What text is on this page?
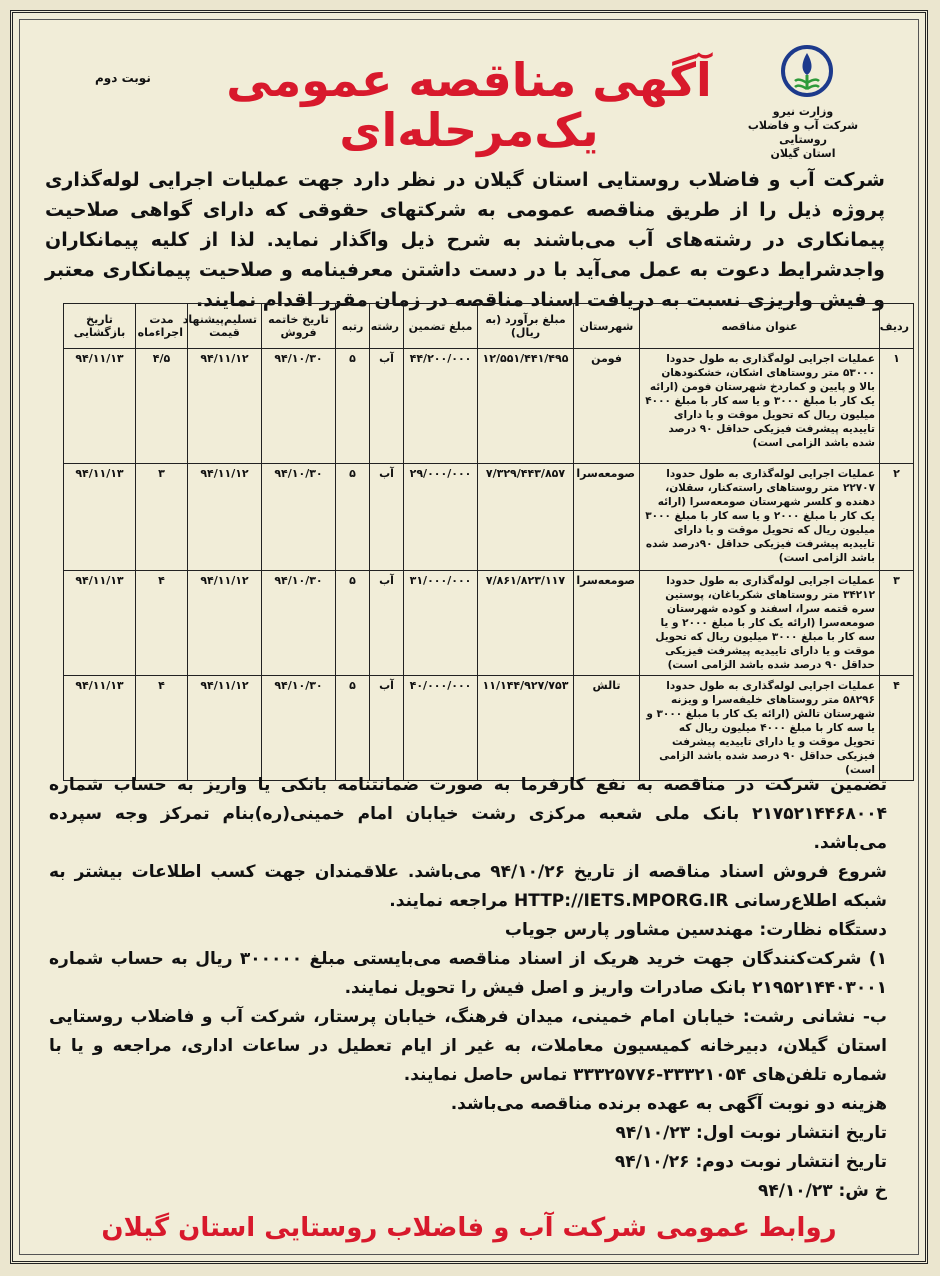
نوبت دوم	آگهی مناقصه عمومی
یک‌مرحله‌ای	وزارت نیرو
شرکت آب و فاضلاب روستایی
استان گیلان
شرکت آب و فاضلاب روستایی استان گیلان در نظر دارد جهت عملیات اجرایی لوله‌گذاری پروژه ذیل را از طریق مناقصه عمومی به شرکتهای حقوقی که دارای گواهی صلاحیت پیمانکاری در رشته‌های آب می‌باشند به شرح ذیل واگذار نماید. لذا از کلیه پیمانکاران واجدشرایط دعوت به عمل می‌آید با در دست داشتن معرفینامه و صلاحیت پیمانکاری معتبر و فیش واریزی نسبت به دریافت اسناد مناقصه در زمان مقرر اقدام نمایند.
ردیف	عنوان مناقصه	شهرستان	مبلغ برآورد (به ریال)	مبلغ تضمین	رشته	رتبه	تاریخ خاتمه فروش	تسلیم‌پیشنهاد قیمت	مدت اجراءماه	تاریخ بازگشایی
۱	عملیات اجرایی لوله‌گذاری به طول حدودا ۵۳۰۰۰ متر روستاهای اشکان، خشکنودهان بالا و پایین و کماردخ شهرستان فومن (ارائه یک کار با مبلغ ۳۰۰۰ و یا سه کار با مبلغ ۴۰۰۰ میلیون ریال که تحویل موقت و یا دارای تاییدیه پیشرفت فیزیکی حداقل ۹۰ درصد شده باشد الزامی است)	فومن	۱۲/۵۵۱/۴۴۱/۴۹۵	۴۴/۲۰۰/۰۰۰	آب	۵	۹۴/۱۰/۳۰	۹۴/۱۱/۱۲	۴/۵	۹۴/۱۱/۱۳
۲	عملیات اجرایی لوله‌گذاری به طول حدودا ۲۲۷۰۷ متر روستاهای راسته‌کنار، سقلان، دهنده و کلسر شهرستان صومعه‌سرا (ارائه یک کار با مبلغ ۲۰۰۰ و یا سه کار با مبلغ ۳۰۰۰ میلیون ریال که تحویل موقت و یا دارای تاییدیه پیشرفت فیزیکی حداقل ۹۰درصد شده باشد الزامی است)	صومعه‌سرا	۷/۳۲۹/۴۴۳/۸۵۷	۲۹/۰۰۰/۰۰۰	آب	۵	۹۴/۱۰/۳۰	۹۴/۱۱/۱۲	۳	۹۴/۱۱/۱۳
۳	عملیات اجرایی لوله‌گذاری به طول حدودا ۳۴۲۱۲ متر روستاهای شکرباغان، پوستین سره قتمه سرا، اسفند و کوده شهرستان صومعه‌سرا (ارائه یک کار با مبلغ ۲۰۰۰ و یا سه کار با مبلغ ۳۰۰۰ میلیون ریال که تحویل موقت و یا دارای تاییدیه پیشرفت فیزیکی حداقل ۹۰ درصد شده باشد الزامی است)	صومعه‌سرا	۷/۸۶۱/۸۲۳/۱۱۷	۳۱/۰۰۰/۰۰۰	آب	۵	۹۴/۱۰/۳۰	۹۴/۱۱/۱۲	۴	۹۴/۱۱/۱۳
۴	عملیات اجرایی لوله‌گذاری به طول حدودا ۵۸۲۹۶ متر روستاهای خلیفه‌سرا و ویزنه شهرستان تالش (ارائه یک کار با مبلغ ۳۰۰۰ و یا سه کار با مبلغ ۴۰۰۰ میلیون ریال که تحویل موقت و یا دارای تاییدیه پیشرفت فیزیکی حداقل ۹۰ درصد شده باشد الزامی است)	تالش	۱۱/۱۴۴/۹۲۷/۷۵۳	۴۰/۰۰۰/۰۰۰	آب	۵	۹۴/۱۰/۳۰	۹۴/۱۱/۱۲	۴	۹۴/۱۱/۱۳

تضمین شرکت در مناقصه به نفع کارفرما به صورت ضمانتنامه بانکی یا واریز به حساب شماره ۲۱۷۵۲۱۴۴۶۸۰۰۴ بانک ملی شعبه مرکزی رشت خیابان امام خمینی(ره)بنام تمرکز وجه سپرده می‌باشد.

شروع فروش اسناد مناقصه از تاریخ ۹۴/۱۰/۲۶ می‌باشد. علاقمندان جهت کسب اطلاعات بیشتر به شبکه اطلاع‌رسانی HTTP://IETS.MPORG.IR مراجعه نمایند.

دستگاه نظارت: مهندسین مشاور پارس جویاب

۱) شرکت‌کنندگان جهت خرید هریک از اسناد مناقصه می‌بایستی مبلغ ۳۰۰۰۰۰ ریال به حساب شماره ۲۱۹۵۲۱۴۴۰۳۰۰۱ بانک صادرات واریز و اصل فیش را تحویل نمایند.

ب- نشانی رشت: خیابان امام خمینی، میدان فرهنگ، خیابان پرستار، شرکت آب و فاضلاب روستایی استان گیلان، دبیرخانه کمیسیون معاملات، به غیر از ایام تعطیل در ساعات اداری، مراجعه و یا با شماره تلفن‌های ۳۳۳۲۱۰۵۴-۳۳۳۲۵۷۷۶ تماس حاصل نمایند.

هزینه دو نوبت آگهی به عهده برنده مناقصه می‌باشد.

تاریخ انتشار نوبت اول: ۹۴/۱۰/۲۳

تاریخ انتشار نوبت دوم: ۹۴/۱۰/۲۶

خ ش: ۹۴/۱۰/۲۳

روابط عمومی شرکت آب و فاضلاب روستایی استان گیلان
